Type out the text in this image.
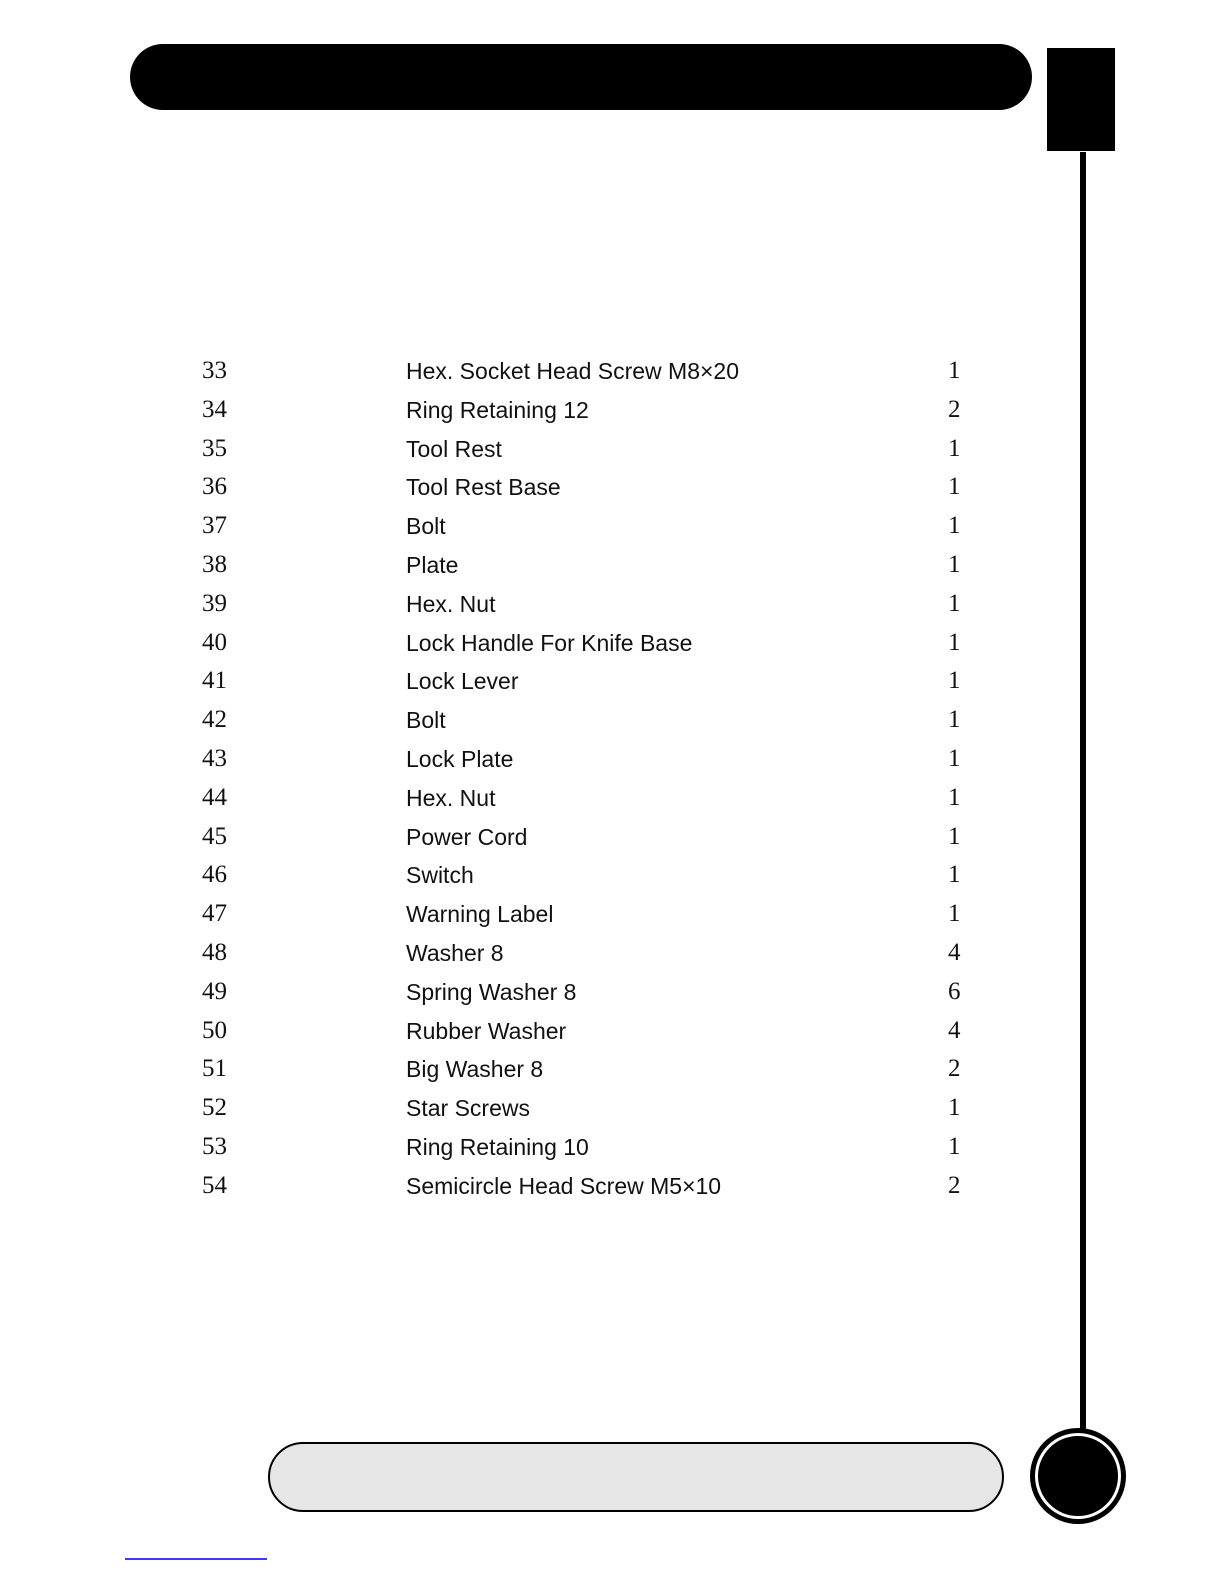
33	Hex. Socket Head Screw M8×20	1
34	Ring Retaining 12	2
35	Tool Rest	1
36	Tool Rest Base	1
37	Bolt	1
38	Plate	1
39	Hex. Nut	1
40	Lock Handle For Knife Base	1
41	Lock Lever	1
42	Bolt	1
43	Lock Plate	1
44	Hex. Nut	1
45	Power Cord	1
46	Switch	1
47	Warning Label	1
48	Washer 8	4
49	Spring Washer 8	6
50	Rubber Washer	4
51	Big Washer 8	2
52	Star Screws	1
53	Ring Retaining 10	1
54	Semicircle Head Screw M5×10	2
